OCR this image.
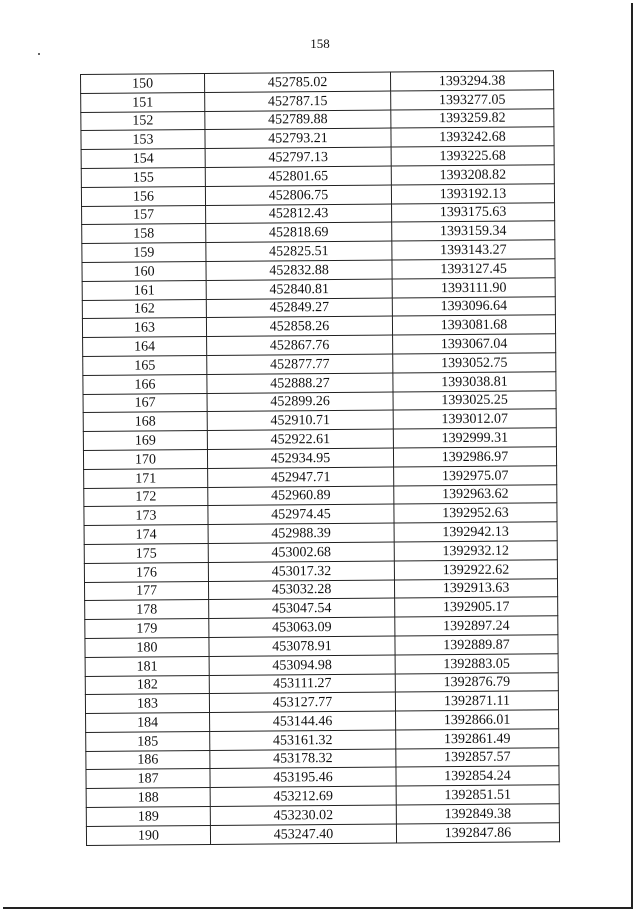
158
150	452785.02	1393294.38
151	452787.15	1393277.05
152	452789.88	1393259.82
153	452793.21	1393242.68
154	452797.13	1393225.68
155	452801.65	1393208.82
156	452806.75	1393192.13
157	452812.43	1393175.63
158	452818.69	1393159.34
159	452825.51	1393143.27
160	452832.88	1393127.45
161	452840.81	1393111.90
162	452849.27	1393096.64
163	452858.26	1393081.68
164	452867.76	1393067.04
165	452877.77	1393052.75
166	452888.27	1393038.81
167	452899.26	1393025.25
168	452910.71	1393012.07
169	452922.61	1392999.31
170	452934.95	1392986.97
171	452947.71	1392975.07
172	452960.89	1392963.62
173	452974.45	1392952.63
174	452988.39	1392942.13
175	453002.68	1392932.12
176	453017.32	1392922.62
177	453032.28	1392913.63
178	453047.54	1392905.17
179	453063.09	1392897.24
180	453078.91	1392889.87
181	453094.98	1392883.05
182	453111.27	1392876.79
183	453127.77	1392871.11
184	453144.46	1392866.01
185	453161.32	1392861.49
186	453178.32	1392857.57
187	453195.46	1392854.24
188	453212.69	1392851.51
189	453230.02	1392849.38
190	453247.40	1392847.86
